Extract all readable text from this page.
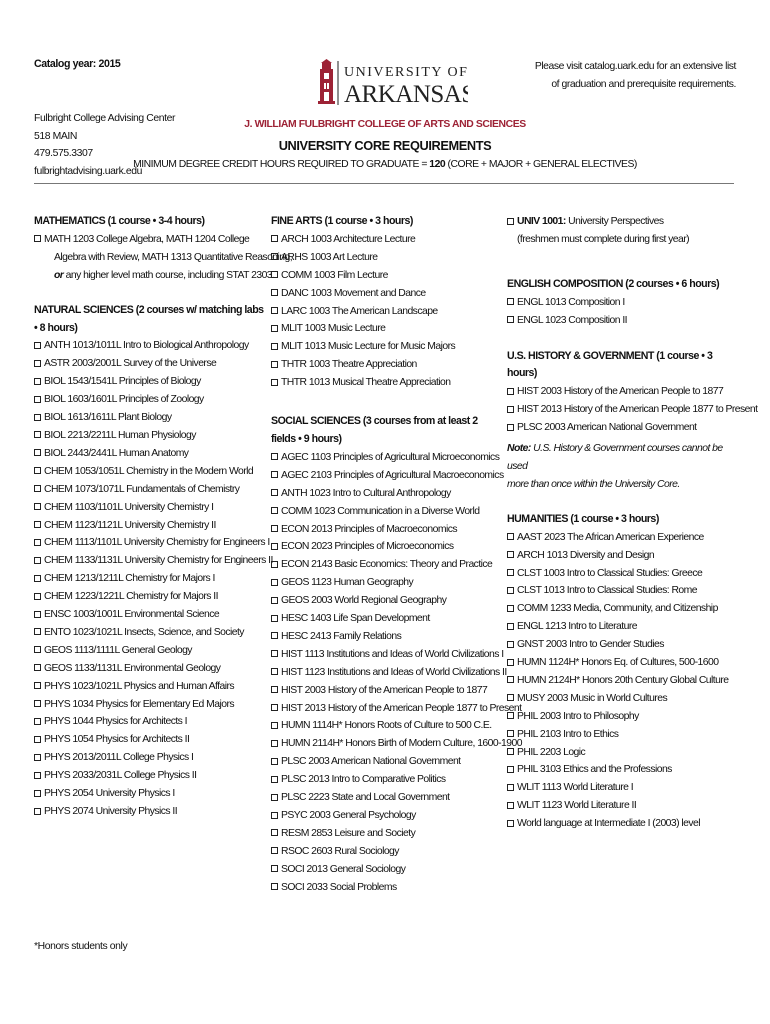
Catalog year: 2015
Fulbright College Advising Center
518 MAIN
479.575.3307
fulbrightadvising.uark.edu
Please visit catalog.uark.edu for an extensive list
of graduation and prerequisite requirements.
UNIVERSITY OF
ARKANSAS
J. WILLIAM FULBRIGHT COLLEGE OF ARTS AND SCIENCES
UNIVERSITY CORE REQUIREMENTS
MINIMUM DEGREE CREDIT HOURS REQUIRED TO GRADUATE = 120 (CORE + MAJOR + GENERAL ELECTIVES)
MATHEMATICS (1 course • 3-4 hours)
MATH 1203 College Algebra, MATH 1204 College
Algebra with Review, MATH 1313 Quantitative Reasoning,
or any higher level math course, including STAT 2303.
NATURAL SCIENCES (2 courses w/ matching labs • 8 hours)
ANTH 1013/1011L Intro to Biological Anthropology
ASTR 2003/2001L Survey of the Universe
BIOL 1543/1541L Principles of Biology
BIOL 1603/1601L Principles of Zoology
BIOL 1613/1611L Plant Biology
BIOL 2213/2211L Human Physiology
BIOL 2443/2441L Human Anatomy
CHEM 1053/1051L Chemistry in the Modern World
CHEM 1073/1071L Fundamentals of Chemistry
CHEM 1103/1101L University Chemistry I
CHEM 1123/1121L University Chemistry II
CHEM 1113/1101L University Chemistry for Engineers I
CHEM 1133/1131L University Chemistry for Engineers II
CHEM 1213/1211L Chemistry for Majors I
CHEM 1223/1221L Chemistry for Majors II
ENSC 1003/1001L Environmental Science
ENTO 1023/1021L Insects, Science, and Society
GEOS 1113/1111L General Geology
GEOS 1133/1131L Environmental Geology
PHYS 1023/1021L Physics and Human Affairs
PHYS 1034 Physics for Elementary Ed Majors
PHYS 1044 Physics for Architects I
PHYS 1054 Physics for Architects II
PHYS 2013/2011L College Physics I
PHYS 2033/2031L College Physics II
PHYS 2054 University Physics I
PHYS 2074 University Physics II
FINE ARTS (1 course • 3 hours)
ARCH 1003 Architecture Lecture
ARHS 1003 Art Lecture
COMM 1003 Film Lecture
DANC 1003 Movement and Dance
LARC 1003 The American Landscape
MLIT 1003 Music Lecture
MLIT 1013 Music Lecture for Music Majors
THTR 1003 Theatre Appreciation
THTR 1013 Musical Theatre Appreciation
SOCIAL SCIENCES (3 courses from at least 2 fields • 9 hours)
AGEC 1103 Principles of Agricultural Microeconomics
AGEC 2103 Principles of Agricultural Macroeconomics
ANTH 1023 Intro to Cultural Anthropology
COMM 1023 Communication in a Diverse World
ECON 2013 Principles of Macroeconomics
ECON 2023 Principles of Microeconomics
ECON 2143 Basic Economics: Theory and Practice
GEOS 1123 Human Geography
GEOS 2003 World Regional Geography
HESC 1403 Life Span Development
HESC 2413 Family Relations
HIST 1113 Institutions and Ideas of World Civilizations I
HIST 1123 Institutions and Ideas of World Civilizations II
HIST 2003 History of the American People to 1877
HIST 2013 History of the American People 1877 to Present
HUMN 1114H* Honors Roots of Culture to 500 C.E.
HUMN 2114H* Honors Birth of Modern Culture, 1600-1900
PLSC 2003 American National Government
PLSC 2013 Intro to Comparative Politics
PLSC 2223 State and Local Government
PSYC 2003 General Psychology
RESM 2853 Leisure and Society
RSOC 2603 Rural Sociology
SOCI 2013 General Sociology
SOCI 2033 Social Problems
UNIV 1001: University Perspectives
(freshmen must complete during first year)
ENGLISH COMPOSITION (2 courses • 6 hours)
ENGL 1013 Composition I
ENGL 1023 Composition II
U.S. HISTORY & GOVERNMENT (1 course • 3 hours)
HIST 2003 History of the American People to 1877
HIST 2013 History of the American People 1877 to Present
PLSC 2003 American National Government
Note: U.S. History & Government courses cannot be used
more than once within the University Core.
HUMANITIES (1 course • 3 hours)
AAST 2023 The African American Experience
ARCH 1013 Diversity and Design
CLST 1003 Intro to Classical Studies: Greece
CLST 1013 Intro to Classical Studies: Rome
COMM 1233 Media, Community, and Citizenship
ENGL 1213 Intro to Literature
GNST 2003 Intro to Gender Studies
HUMN 1124H* Honors Eq. of Cultures, 500-1600
HUMN 2124H* Honors 20th Century Global Culture
MUSY 2003 Music in World Cultures
PHIL 2003 Intro to Philosophy
PHIL 2103 Intro to Ethics
PHIL 2203 Logic
PHIL 3103 Ethics and the Professions
WLIT 1113 World Literature I
WLIT 1123 World Literature II
World language at Intermediate I (2003) level
*Honors students only
